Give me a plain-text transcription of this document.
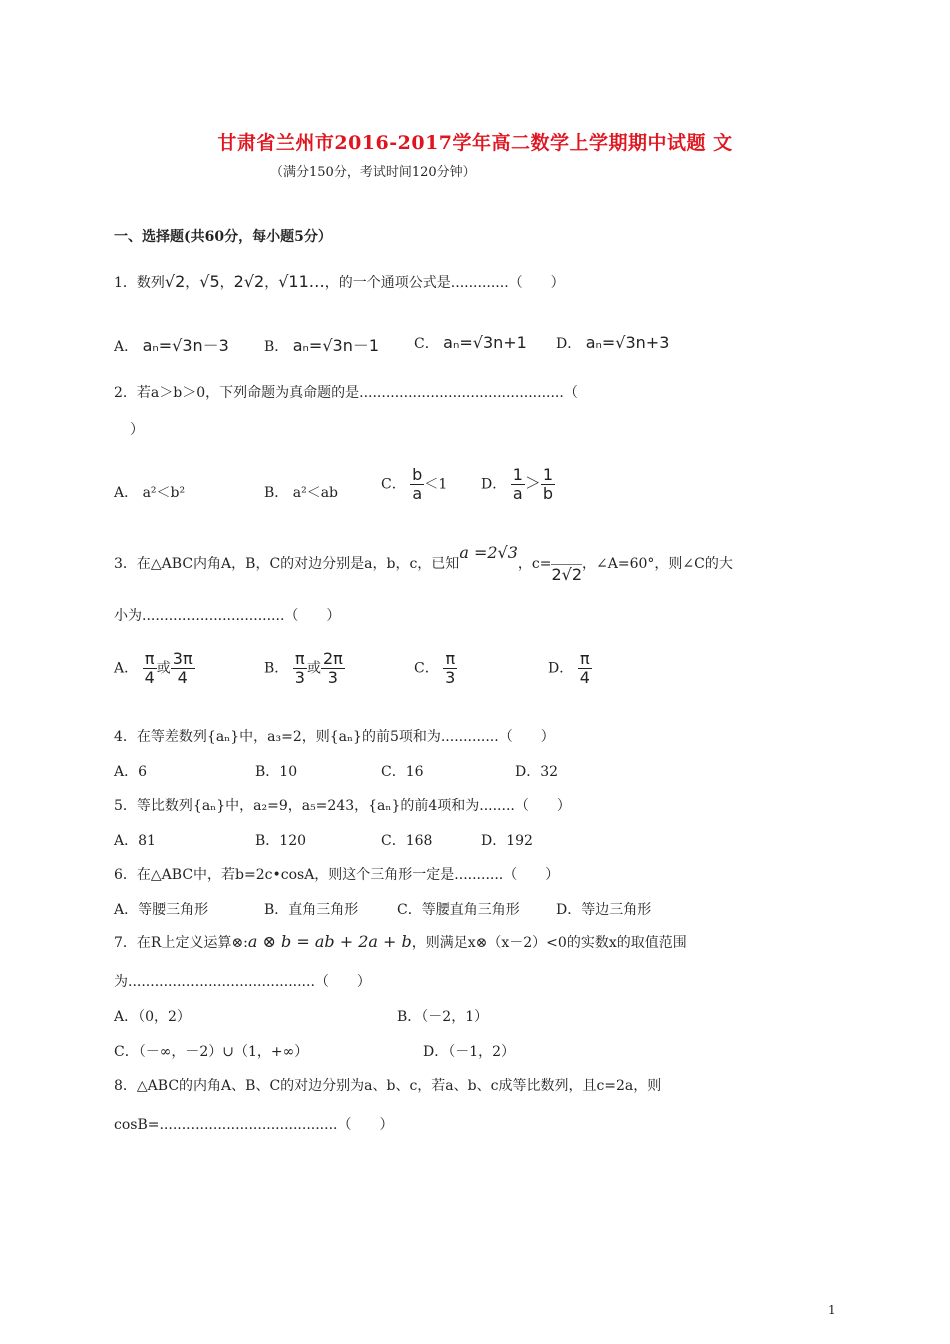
甘肃省兰州市2016-2017学年高二数学上学期期中试题 文
（满分150分，考试时间120分钟）
一、选择题(共60分，每小题5分）
1．数列√2，√5，2√2，√11…，的一个通项公式是.............（　　）
A． aₙ=√3n－3	B． aₙ=√3n－1 C． aₙ=√3n+1 D． aₙ=√3n+3
2．若a＞b＞0，下列命题为真命题的是..............................................（
）
A． a²＜b²	B． a²＜ab
C． $\frac{b}{a} <1$ D． $\frac{1}{a} > \frac{1}{b}$
3．在△ABC内角A，B，C的对边分别是a，b，c，已知a =2√3，c=2√2，∠A=60°，则∠C的大
小为................................（　　）
A． $\frac{\pi}{4}$ 或 $\frac{3\pi}{4}$	B． $\frac{\pi}{3}$ 或 $\frac{2\pi}{3}$	C． $\frac{\pi}{3}$	D． $\frac{\pi}{4}$
4．在等差数列{aₙ}中，a₃=2，则{aₙ}的前5项和为.............（　　）
A．6	B．10	C．16	D．32
5．等比数列{aₙ}中，a₂=9，a₅=243，{aₙ}的前4项和为........（　　）
A．81	B．120	C．168	D．192
6．在△ABC中，若b=2c•cosA，则这个三角形一定是...........（　　）
A．等腰三角形	B．直角三角形	C．等腰直角三角形	D．等边三角形
7．在R上定义运算⊗:a ⊗ b = ab + 2a + b，则满足x⊗（x－2）<0的实数x的取值范围
为..........................................（　　）
A．（0，2）	B．（－2，1）
C．（－∞，－2）∪（1，+∞）	D．（－1，2）
8．△ABC的内角A、B、C的对边分别为a、b、c，若a、b、c成等比数列，且c=2a，则
cosB=........................................（　　）
1
